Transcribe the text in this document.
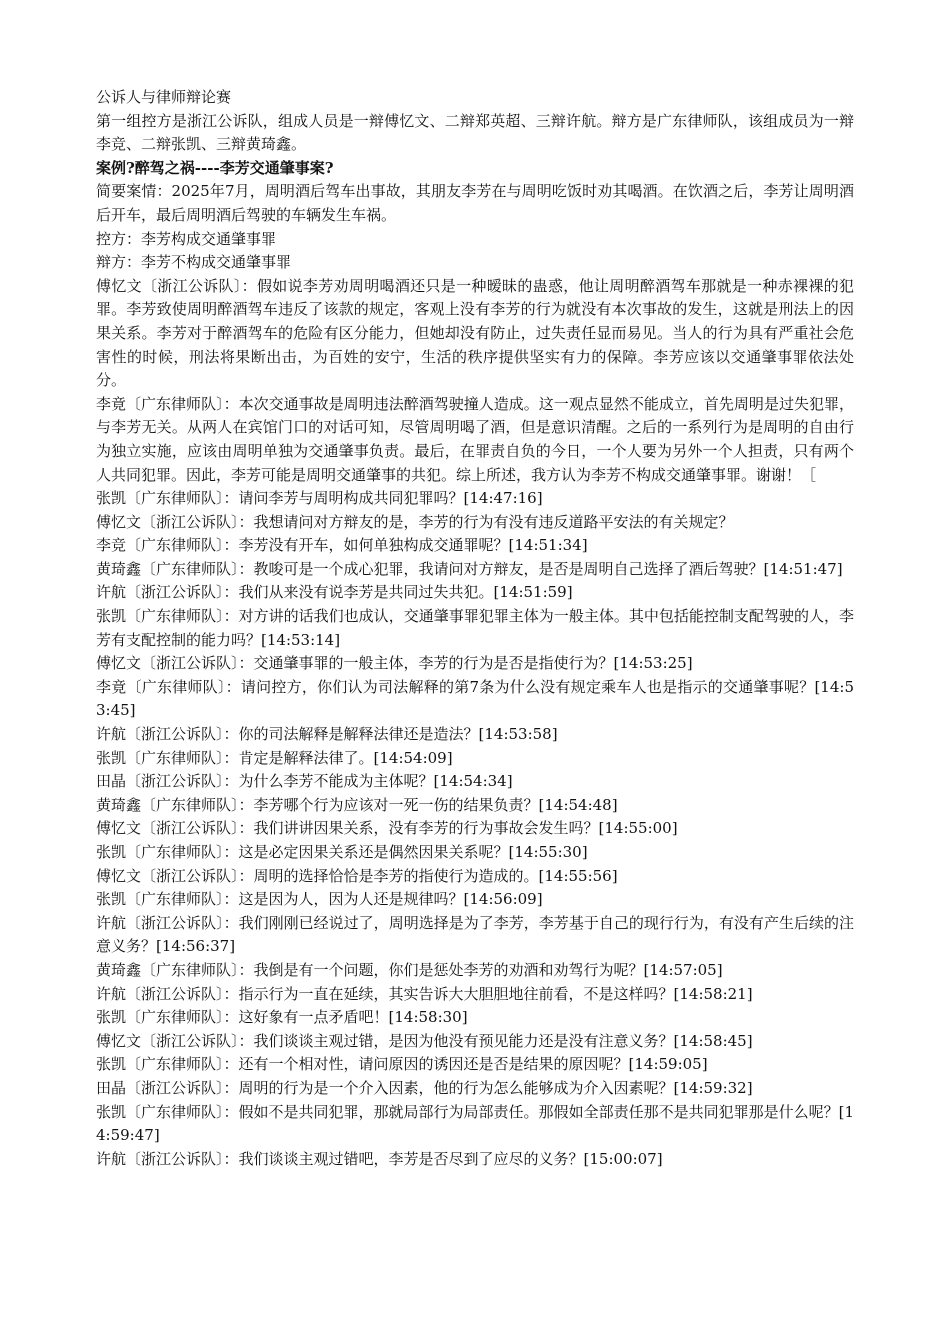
公诉人与律师辩论赛

第一组控方是浙江公诉队，组成人员是一辩傅忆文、二辩郑英超、三辩许航。辩方是广东律师队，该组成员为一辩李竞、二辩张凯、三辩黄琦鑫。

案例?醉驾之祸----李芳交通肇事案?

简要案情：2025年7月，周明酒后驾车出事故，其朋友李芳在与周明吃饭时劝其喝酒。在饮酒之后，李芳让周明酒后开车，最后周明酒后驾驶的车辆发生车祸。

控方：李芳构成交通肇事罪

辩方：李芳不构成交通肇事罪

傅忆文〔浙江公诉队〕：假如说李芳劝周明喝酒还只是一种暧昧的蛊惑，他让周明醉酒驾车那就是一种赤裸裸的犯罪。李芳致使周明醉酒驾车违反了该款的规定，客观上没有李芳的行为就没有本次事故的发生，这就是刑法上的因果关系。李芳对于醉酒驾车的危险有区分能力，但她却没有防止，过失责任显而易见。当人的行为具有严重社会危害性的时候，刑法将果断出击，为百姓的安宁，生活的秩序提供坚实有力的保障。李芳应该以交通肇事罪依法处分。

李竟〔广东律师队〕：本次交通事故是周明违法醉酒驾驶撞人造成。这一观点显然不能成立，首先周明是过失犯罪，与李芳无关。从两人在宾馆门口的对话可知，尽管周明喝了酒，但是意识清醒。之后的一系列行为是周明的自由行为独立实施，应该由周明单独为交通肇事负责。最后，在罪责自负的今日，一个人要为另外一个人担责，只有两个人共同犯罪。因此，李芳可能是周明交通肇事的共犯。综上所述，我方认为李芳不构成交通肇事罪。谢谢！［

张凯〔广东律师队〕：请问李芳与周明构成共同犯罪吗？[14:47:16]

傅忆文〔浙江公诉队〕：我想请问对方辩友的是，李芳的行为有没有违反道路平安法的有关规定？

李竞〔广东律师队〕：李芳没有开车，如何单独构成交通罪呢？[14:51:34]

黄琦鑫〔广东律师队〕：教唆可是一个成心犯罪，我请问对方辩友，是否是周明自己选择了酒后驾驶？[14:51:47]

许航〔浙江公诉队〕：我们从来没有说李芳是共同过失共犯。[14:51:59]

张凯〔广东律师队〕：对方讲的话我们也成认，交通肇事罪犯罪主体为一般主体。其中包括能控制支配驾驶的人，李芳有支配控制的能力吗？[14:53:14]

傅忆文〔浙江公诉队〕：交通肇事罪的一般主体，李芳的行为是否是指使行为？[14:53:25]

李竟〔广东律师队〕：请问控方，你们认为司法解释的第7条为什么没有规定乘车人也是指示的交通肇事呢？[14:53:45]

许航〔浙江公诉队〕：你的司法解释是解释法律还是造法？[14:53:58]

张凯〔广东律师队〕：肯定是解释法律了。[14:54:09]

田晶〔浙江公诉队〕：为什么李芳不能成为主体呢？[14:54:34]

黄琦鑫〔广东律师队〕：李芳哪个行为应该对一死一伤的结果负责？[14:54:48]

傅忆文〔浙江公诉队〕：我们讲讲因果关系，没有李芳的行为事故会发生吗？[14:55:00]

张凯〔广东律师队〕：这是必定因果关系还是偶然因果关系呢？[14:55:30]

傅忆文〔浙江公诉队〕：周明的选择恰恰是李芳的指使行为造成的。[14:55:56]

张凯〔广东律师队〕：这是因为人，因为人还是规律吗？[14:56:09]

许航〔浙江公诉队〕：我们刚刚已经说过了，周明选择是为了李芳，李芳基于自己的现行行为，有没有产生后续的注意义务？[14:56:37]

黄琦鑫〔广东律师队〕：我倒是有一个问题，你们是惩处李芳的劝酒和劝驾行为呢？[14:57:05]

许航〔浙江公诉队〕：指示行为一直在延续，其实告诉大大胆胆地往前看，不是这样吗？[14:58:21]

张凯〔广东律师队〕：这好象有一点矛盾吧！[14:58:30]

傅忆文〔浙江公诉队〕：我们谈谈主观过错，是因为他没有预见能力还是没有注意义务？[14:58:45]

张凯〔广东律师队〕：还有一个相对性，请问原因的诱因还是否是结果的原因呢？[14:59:05]

田晶〔浙江公诉队〕：周明的行为是一个介入因素，他的行为怎么能够成为介入因素呢？[14:59:32]

张凯〔广东律师队〕：假如不是共同犯罪，那就局部行为局部责任。那假如全部责任那不是共同犯罪那是什么呢？[14:59:47]

许航〔浙江公诉队〕：我们谈谈主观过错吧，李芳是否尽到了应尽的义务？[15:00:07]
